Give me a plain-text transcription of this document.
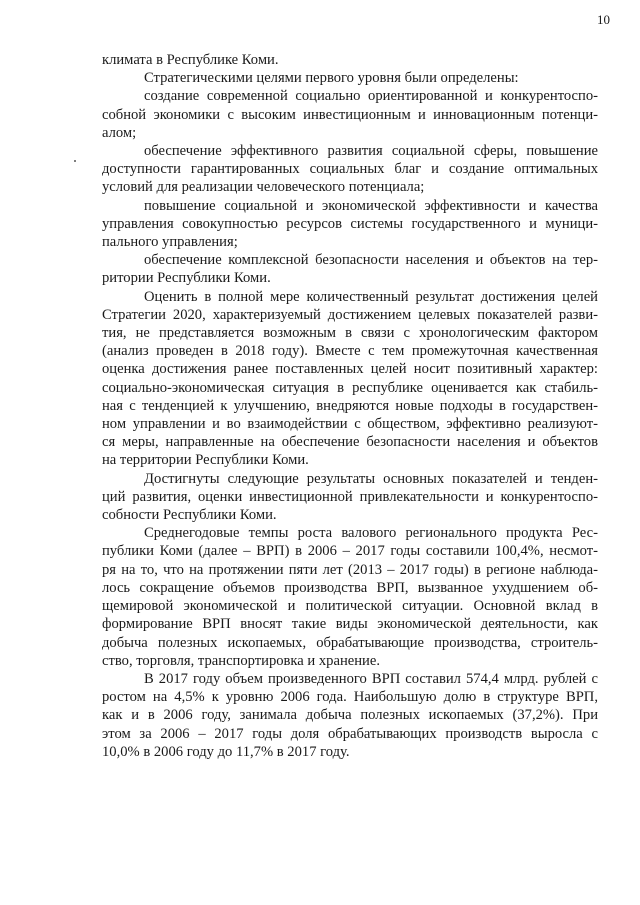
10
климата в Республике Коми.
Стратегическими целями первого уровня были определены:
создание современной социально ориентированной и конкурентоспо-
собной экономики с высоким инвестиционным и инновационным потенци-
алом;
обеспечение эффективного развития социальной сферы, повышение
доступности гарантированных социальных благ и создание оптимальных
условий для реализации человеческого потенциала;
повышение социальной и экономической эффективности и качества
управления совокупностью ресурсов системы государственного и муници-
пального управления;
обеспечение комплексной безопасности населения и объектов на тер-
ритории Республики Коми.
Оценить в полной мере количественный результат достижения целей
Стратегии 2020, характеризуемый достижением целевых показателей разви-
тия, не представляется возможным в связи с хронологическим фактором
(анализ проведен в 2018 году). Вместе с тем промежуточная качественная
оценка достижения ранее поставленных целей носит позитивный характер:
социально-экономическая ситуация в республике оценивается как стабиль-
ная с тенденцией к улучшению, внедряются новые подходы в государствен-
ном управлении и во взаимодействии с обществом, эффективно реализуют-
ся меры, направленные на обеспечение безопасности населения и объектов
на территории Республики Коми.
Достигнуты следующие результаты основных показателей и тенден-
ций развития, оценки инвестиционной привлекательности и конкурентоспо-
собности Республики Коми.
Среднегодовые темпы роста валового регионального продукта Рес-
публики Коми (далее – ВРП) в 2006 – 2017 годы составили 100,4%, несмот-
ря на то, что на протяжении пяти лет (2013 – 2017 годы) в регионе наблюда-
лось сокращение объемов производства ВРП, вызванное ухудшением об-
щемировой экономической и политической ситуации. Основной вклад в
формирование ВРП вносят такие виды экономической деятельности, как
добыча полезных ископаемых, обрабатывающие производства, строитель-
ство, торговля, транспортировка и хранение.
В 2017 году объем произведенного ВРП составил 574,4 млрд. рублей с
ростом на 4,5% к уровню 2006 года. Наибольшую долю в структуре ВРП,
как и в 2006 году, занимала добыча полезных ископаемых (37,2%). При
этом за 2006 – 2017 годы доля обрабатывающих производств выросла с
10,0% в 2006 году до 11,7% в 2017 году.
